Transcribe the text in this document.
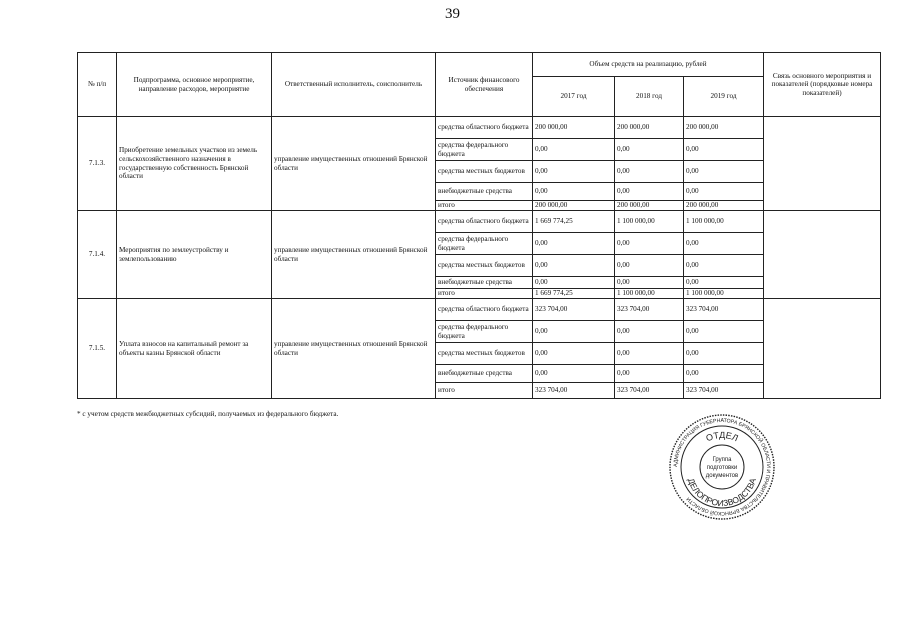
39
№ п/п	Подпрограмма, основное мероприятие, направление расходов, мероприятие	Ответственный исполнитель, соисполнитель	Источник финансового обеспечения	Объем средств на реализацию, рублей			Связь основного мероприятия и показателей (порядковые номера показателей)
				2017 год	2018 год	2019 год	
7.1.3.	Приобретение земельных участков из земель сельскохозяйственного назначения в государственную собственность Брянской области	управление имущественных отношений Брянской области	средства областного бюджета	200 000,00	200 000,00	200 000,00	
			средства федерального бюджета	0,00	0,00	0,00	
			средства местных бюджетов	0,00	0,00	0,00	
			внебюджетные средства	0,00	0,00	0,00	
			итого	200 000,00	200 000,00	200 000,00	
7.1.4.	Мероприятия по землеустройству и землепользованию	управление имущественных отношений Брянской области	средства областного бюджета	1 669 774,25	1 100 000,00	1 100 000,00	
			средства федерального бюджета	0,00	0,00	0,00	
			средства местных бюджетов	0,00	0,00	0,00	
			внебюджетные средства	0,00	0,00	0,00	
			итого	1 669 774,25	1 100 000,00	1 100 000,00	
7.1.5.	Уплата взносов на капитальный ремонт за объекты казны Брянской области	управление имущественных отношений Брянской области	средства областного бюджета	323 704,00	323 704,00	323 704,00	
			средства федерального бюджета	0,00	0,00	0,00	
			средства местных бюджетов	0,00	0,00	0,00	
			внебюджетные средства	0,00	0,00	0,00	
			итого	323 704,00	323 704,00	323 704,00	
* с учетом средств межбюджетных субсидий, получаемых из федерального бюджета.
АДМИНИСТРАЦИЯ ГУБЕРНАТОРА БРЯНСКОЙ ОБЛАСТИ И ПРАВИТЕЛЬСТВА БРЯНСКОЙ ОБЛАСТИ
ОТДЕЛ
ДЕЛОПРОИЗВОДСТВА
Группа
подготовки
документов
